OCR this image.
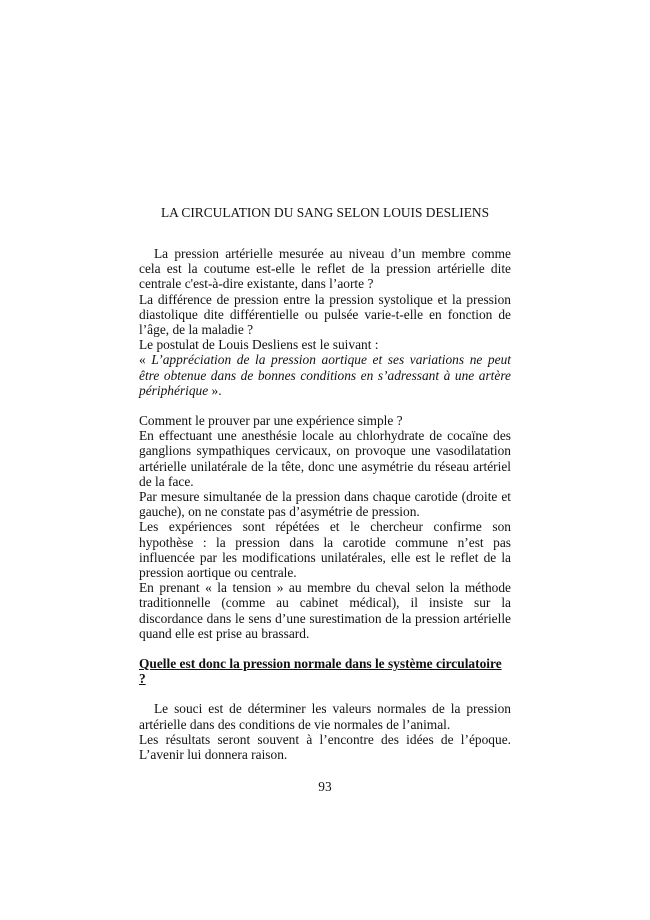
LA CIRCULATION DU SANG SELON LOUIS DESLIENS

La pression artérielle mesurée au niveau d’un membre comme cela est la coutume est-elle le reflet de la pression artérielle dite centrale c'est-à-dire existante, dans l’aorte ?

La différence de pression entre la pression systolique et la pression diastolique dite différentielle ou pulsée varie-t-elle en fonction de l’âge, de la maladie ?

Le postulat de Louis Desliens est le suivant :

« L’appréciation de la pression aortique et ses variations ne peut être obtenue dans de bonnes conditions en s’adressant à une artère périphérique ».

Comment le prouver par une expérience simple ?

En effectuant une anesthésie locale au chlorhydrate de cocaïne des ganglions sympathiques cervicaux, on provoque une vasodilatation artérielle unilatérale de la tête, donc une asymétrie du réseau artériel de la face.

Par mesure simultanée de la pression dans chaque carotide (droite et gauche), on ne constate pas d’asymétrie de pression.

Les expériences sont répétées et le chercheur confirme son hypothèse : la pression dans la carotide commune n’est pas influencée par les modifications unilatérales, elle est le reflet de la pression aortique ou centrale.

En prenant « la tension » au membre du cheval selon la méthode traditionnelle (comme au cabinet médical), il insiste sur la discordance dans le sens d’une surestimation de la pression artérielle quand elle est prise au brassard.

Quelle est donc la pression normale dans le système circulatoire ?

Le souci est de déterminer les valeurs normales de la pression artérielle dans des conditions de vie normales de l’animal.

Les résultats seront souvent à l’encontre des idées de l’époque. L’avenir lui donnera raison.

93
